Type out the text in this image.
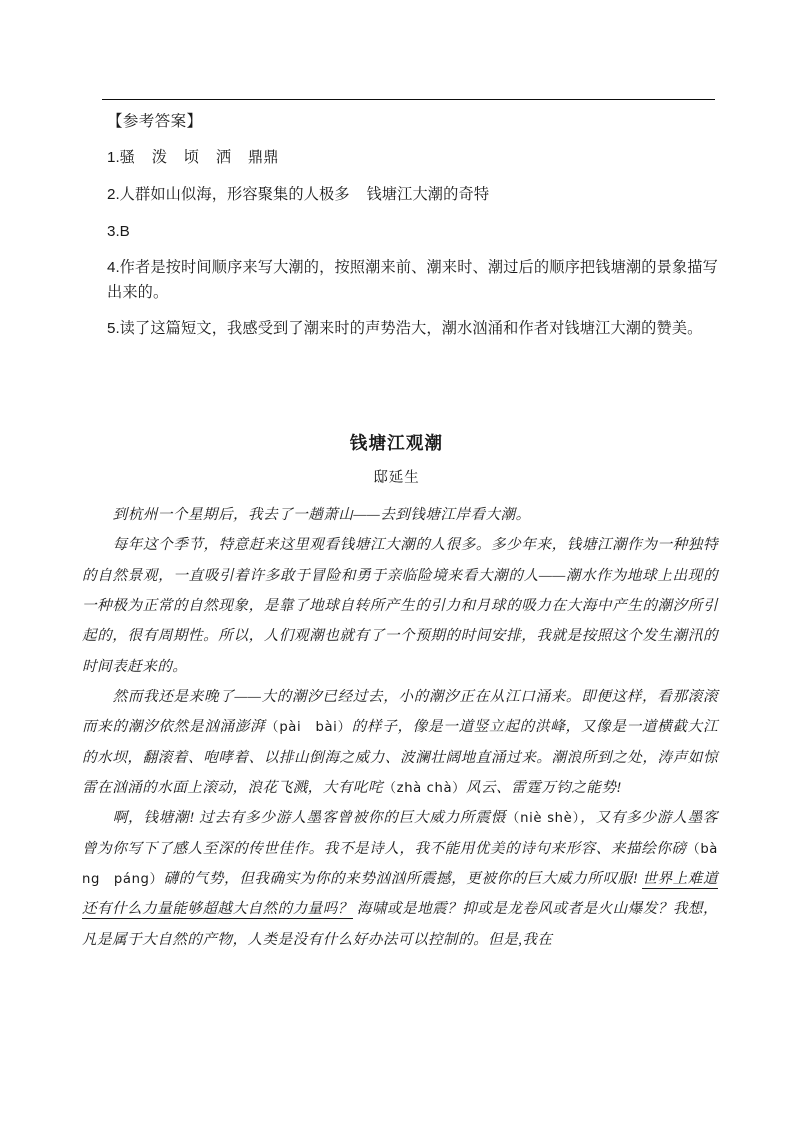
【参考答案】

1.骚 泼 顷 洒 鼎鼎

2.人群如山似海，形容聚集的人极多 钱塘江大潮的奇特

3.B

4.作者是按时间顺序来写大潮的，按照潮来前、潮来时、潮过后的顺序把钱塘潮的景象描写出来的。

5.读了这篇短文，我感受到了潮来时的声势浩大，潮水汹涌和作者对钱塘江大潮的赞美。

钱塘江观潮
邸延生

到杭州一个星期后，我去了一趟萧山——去到钱塘江岸看大潮。

每年这个季节，特意赶来这里观看钱塘江大潮的人很多。多少年来，钱塘江潮作为一种独特的自然景观，一直吸引着许多敢于冒险和勇于亲临险境来看大潮的人——潮水作为地球上出现的一种极为正常的自然现象，是靠了地球自转所产生的引力和月球的吸力在大海中产生的潮汐所引起的，很有周期性。所以，人们观潮也就有了一个预期的时间安排，我就是按照这个发生潮汛的时间表赶来的。

然而我还是来晚了——大的潮汐已经过去，小的潮汐正在从江口涌来。即便这样，看那滚滚而来的潮汐依然是汹涌澎湃（pài　bài）的样子，像是一道竖立起的洪峰，又像是一道横截大江的水坝，翻滚着、咆哮着、以排山倒海之威力、波澜壮阔地直涌过来。潮浪所到之处，涛声如惊雷在汹涌的水面上滚动，浪花飞溅，大有叱咤（zhà chà）风云、雷霆万钧之能势!

啊，钱塘潮! 过去有多少游人墨客曾被你的巨大威力所震慑（niè shè），又有多少游人墨客曾为你写下了感人至深的传世佳作。我不是诗人，我不能用优美的诗句来形容、来描绘你磅（bàng　páng）礴的气势，但我确实为你的来势汹汹所震撼，更被你的巨大威力所叹服! 世界上难道还有什么力量能够超越大自然的力量吗？ 海啸或是地震？抑或是龙卷风或者是火山爆发？我想，凡是属于大自然的产物，人类是没有什么好办法可以控制的。但是,我在
